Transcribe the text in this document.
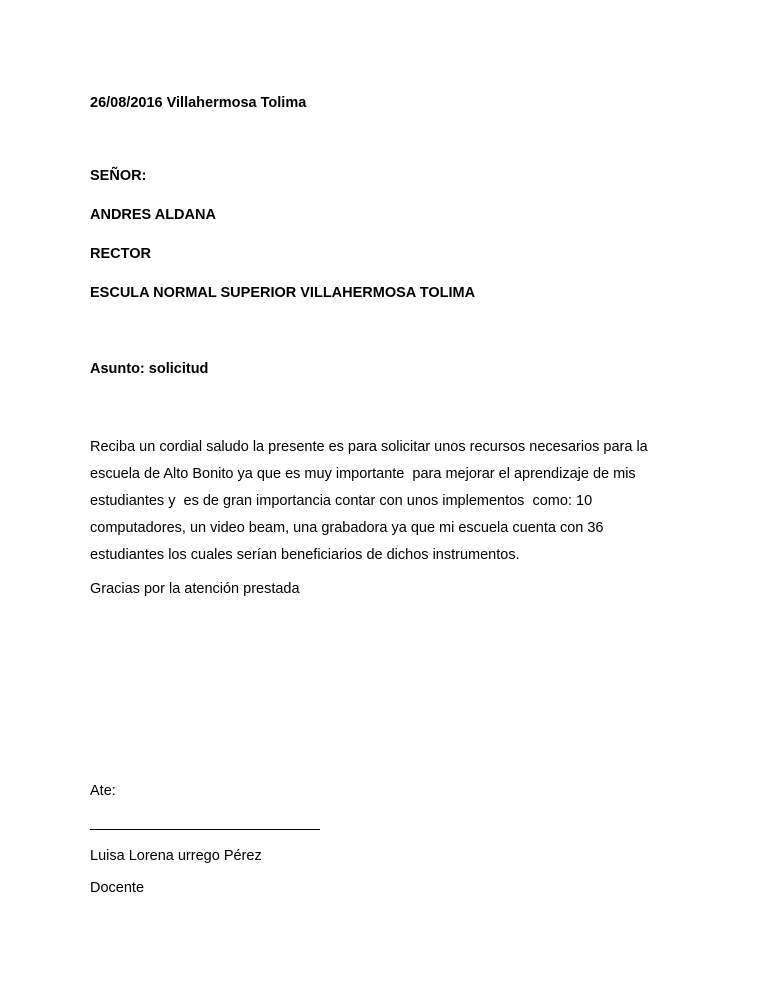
26/08/2016 Villahermosa Tolima
SEÑOR:
ANDRES ALDANA
RECTOR
ESCULA NORMAL SUPERIOR VILLAHERMOSA TOLIMA
Asunto: solicitud
Reciba un cordial saludo la presente es para solicitar unos recursos necesarios para la
escuela de Alto Bonito ya que es muy importante  para mejorar el aprendizaje de mis
estudiantes y  es de gran importancia contar con unos implementos  como: 10
computadores, un video beam, una grabadora ya que mi escuela cuenta con 36
estudiantes los cuales serían beneficiarios de dichos instrumentos.
Gracias por la atención prestada
Ate:
Luisa Lorena urrego Pérez
Docente
